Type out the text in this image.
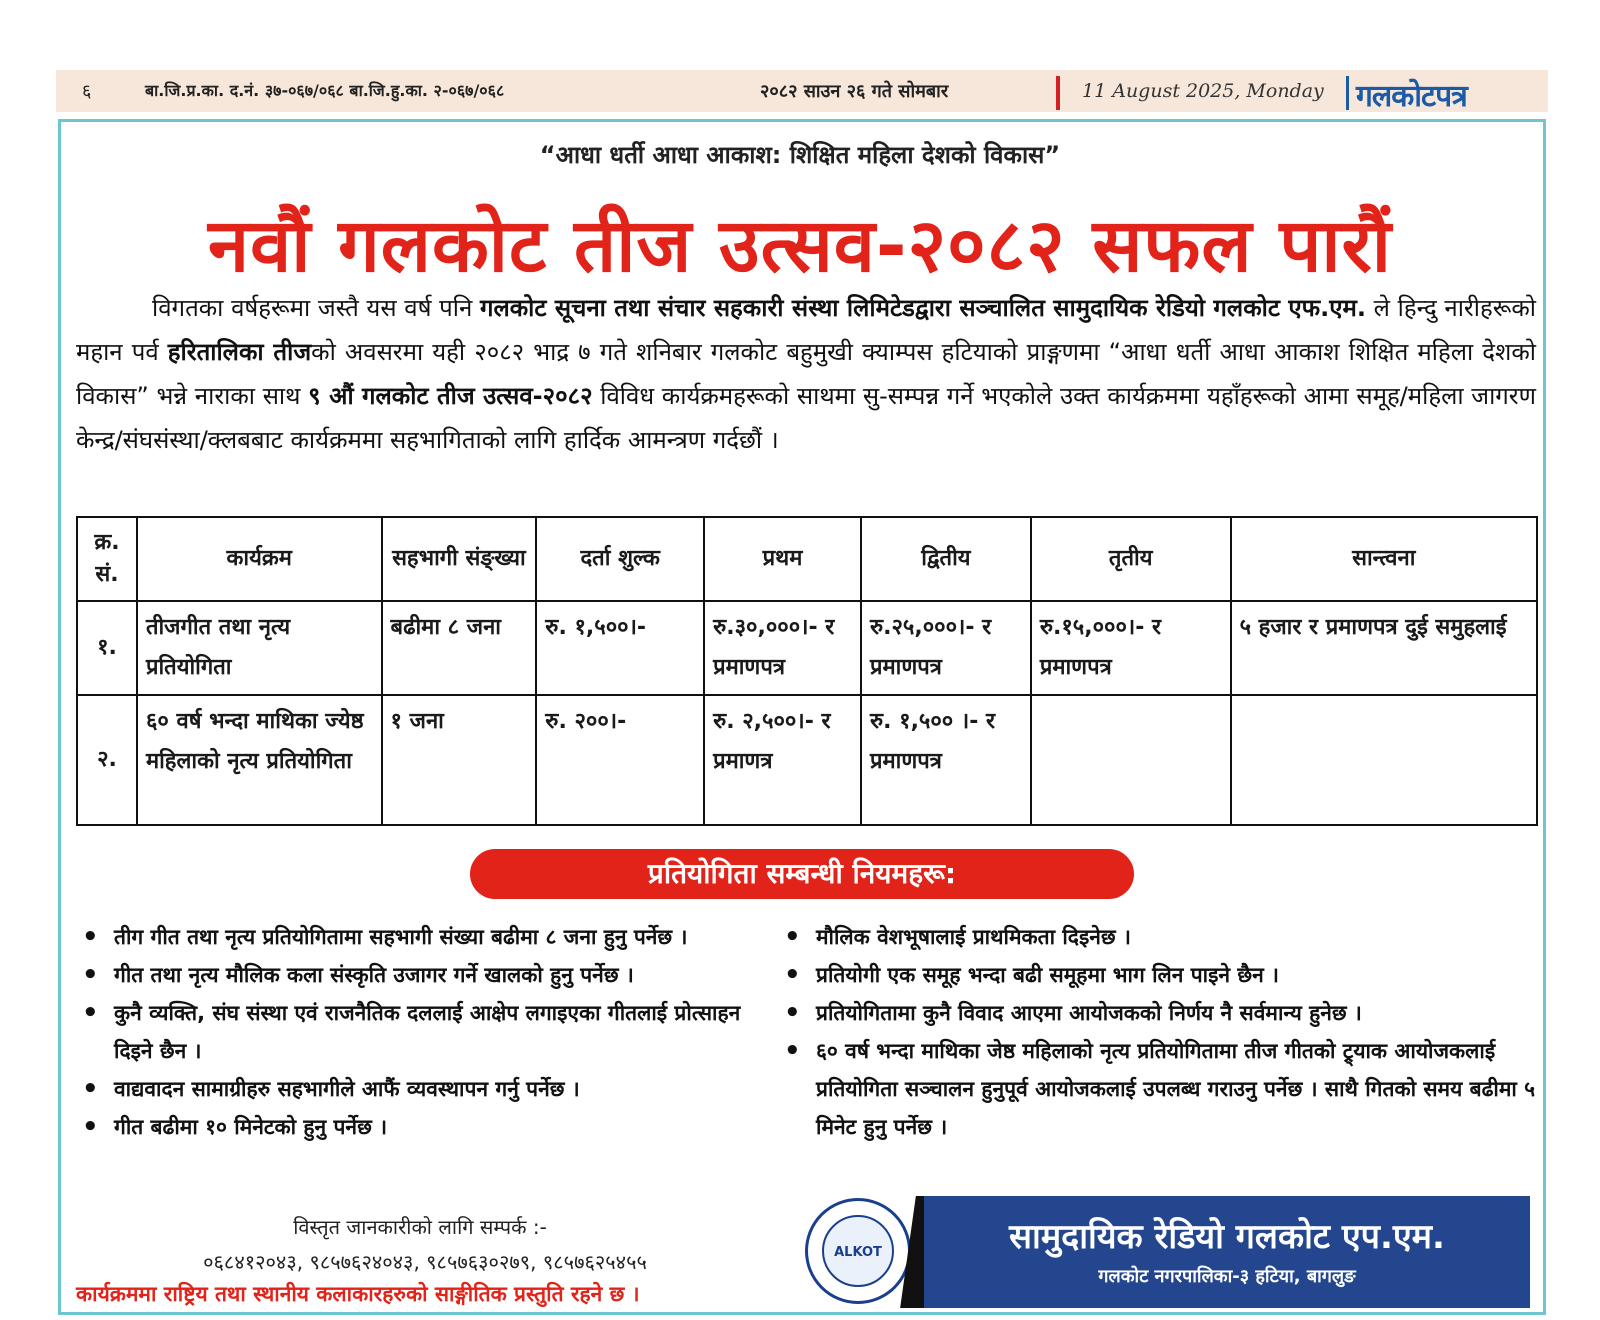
६	बा.जि.प्र.का. द.नं. ३७-०६७/०६८ बा.जि.हु.का. २-०६७/०६८	२०८२ साउन २६ गते सोमबार	11 August 2025, Monday गलकोटपत्र
“आधा धर्ती आधा आकाश: शिक्षित महिला देशको विकास”
नवौं गलकोट तीज उत्सव-२०८२ सफल पारौं
विगतका वर्षहरूमा जस्तै यस वर्ष पनि गलकोट सूचना तथा संचार सहकारी संस्था लिमिटेडद्वारा सञ्चालित सामुदायिक रेडियो गलकोट एफ.एम. ले हिन्दु नारीहरूको महान पर्व हरितालिका तीजको अवसरमा यही २०८२ भाद्र ७ गते शनिबार गलकोट बहुमुखी क्याम्पस हटियाको प्राङ्गणमा “आधा धर्ती आधा आकाश शिक्षित महिला देशको विकास” भन्ने नाराका साथ ९ औं गलकोट तीज उत्सव-२०८२ विविध कार्यक्रमहरूको साथमा सु-सम्पन्न गर्ने भएकोले उक्त कार्यक्रममा यहाँहरूको आमा समूह/महिला जागरण केन्द्र/संघसंस्था/क्लबबाट कार्यक्रममा सहभागिताको लागि हार्दिक आमन्त्रण गर्दछौं ।
क्र. सं.	कार्यक्रम	सहभागी संङ्ख्या	दर्ता शुल्क	प्रथम	द्वितीय	तृतीय	सान्त्वना
१.	तीजगीत तथा नृत्य प्रतियोगिता	बढीमा ८ जना	रु. १,५००।-	रु.३०,०००।- र प्रमाणपत्र	रु.२५,०००।- र प्रमाणपत्र	रु.१५,०००।- र प्रमाणपत्र	५ हजार र प्रमाणपत्र दुई समुहलाई
२.	६० वर्ष भन्दा माथिका ज्येष्ठ महिलाको नृत्य प्रतियोगिता	१ जना	रु. २००।-	रु. २,५००।- र प्रमाणत्र	रु. १,५०० ।- र प्रमाणपत्र		
प्रतियोगिता सम्बन्धी नियमहरू:
• तीग गीत तथा नृत्य प्रतियोगितामा सहभागी संख्या बढीमा ८ जना हुनु पर्नेछ ।
• गीत तथा नृत्य मौलिक कला संस्कृति उजागर गर्ने खालको हुनु पर्नेछ ।
• कुनै व्यक्ति, संघ संस्था एवं राजनैतिक दललाई आक्षेप लगाइएका गीतलाई प्रोत्साहन दिइने छैन ।
• वाद्यवादन सामाग्रीहरु सहभागीले आफैं व्यवस्थापन गर्नु पर्नेछ ।
• गीत बढीमा १० मिनेटको हुनु पर्नेछ ।
• मौलिक वेशभूषालाई प्राथमिकता दिइनेछ ।
• प्रतियोगी एक समूह भन्दा बढी समूहमा भाग लिन पाइने छैन ।
• प्रतियोगितामा कुनै विवाद आएमा आयोजकको निर्णय नै सर्वमान्य हुनेछ ।
• ६० वर्ष भन्दा माथिका जेष्ठ महिलाको नृत्य प्रतियोगितामा तीज गीतको ट्र्याक आयोजकलाई प्रतियोगिता सञ्चालन हुनुपूर्व आयोजकलाई उपलब्ध गराउनु पर्नेछ । साथै गितको समय बढीमा ५ मिनेट हुनु पर्नेछ ।
विस्तृत जानकारीको लागि सम्पर्क :-
०६८४१२०४३, ९८५७६२४०४३, ९८५७६३०२७९, ९८५७६२५४५५
कार्यक्रममा राष्ट्रिय तथा स्थानीय कलाकारहरुको साङ्गीतिक प्रस्तुति रहने छ ।
ALKOT	सामुदायिक रेडियो गलकोट एप.एम.
गलकोट नगरपालिका-३ हटिया, बागलुङ
